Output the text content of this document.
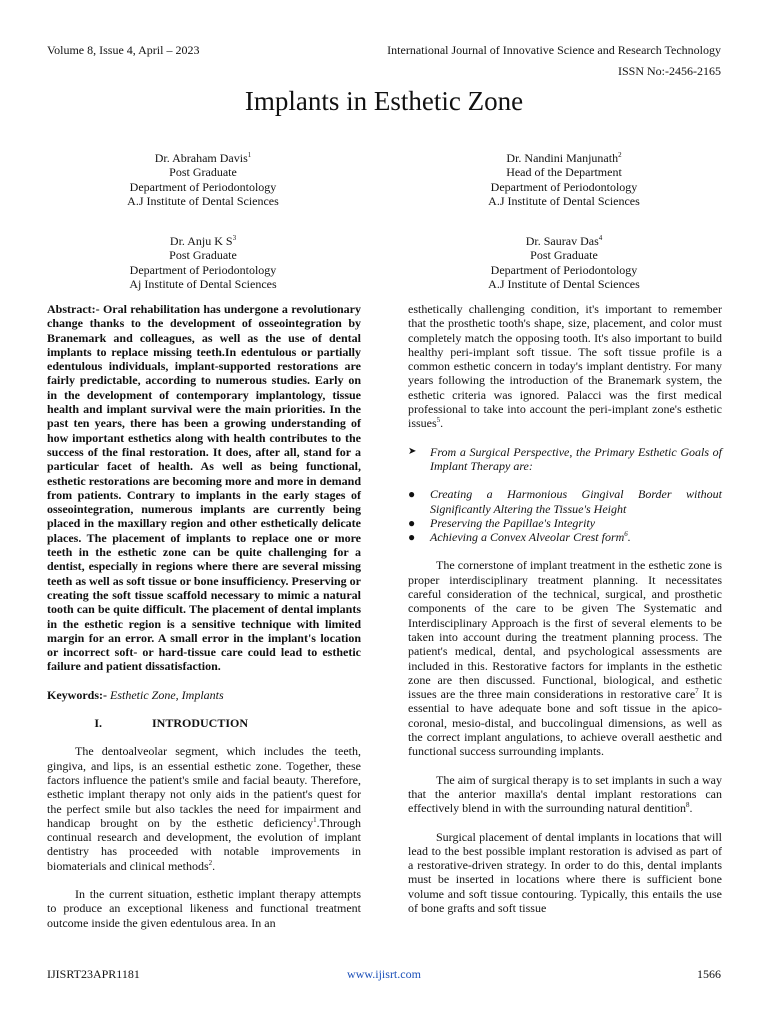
Volume 8, Issue 4, April – 2023	International Journal of Innovative Science and Research Technology
ISSN No:-2456-2165
Implants in Esthetic Zone
Dr. Abraham Davis$^1$
Post Graduate
Department of Periodontology
A.J Institute of Dental Sciences
Dr. Nandini Manjunath$^2$
Head of the Department
Department of Periodontology
A.J Institute of Dental Sciences
Dr. Anju K $S^3$
Post Graduate
Department of Periodontology
Aj Institute of Dental Sciences
Dr. Saurav Das$^4$
Post Graduate
Department of Periodontology
A.J Institute of Dental Sciences

Abstract:- Oral rehabilitation has undergone a revolutionary change thanks to the development of osseointegration by Branemark and colleagues, as well as the use of dental implants to replace missing teeth.In edentulous or partially edentulous individuals, implant-supported restorations are fairly predictable, according to numerous studies. Early on in the development of contemporary implantology, tissue health and implant survival were the main priorities. In the past ten years, there has been a growing understanding of how important esthetics along with health contributes to the success of the final restoration. It does, after all, stand for a particular facet of health. As well as being functional, esthetic restorations are becoming more and more in demand from patients. Contrary to implants in the early stages of osseointegration, numerous implants are currently being placed in the maxillary region and other esthetically delicate places. The placement of implants to replace one or more teeth in the esthetic zone can be quite challenging for a dentist, especially in regions where there are several missing teeth as well as soft tissue or bone insufficiency. Preserving or creating the soft tissue scaffold necessary to mimic a natural tooth can be quite difficult. The placement of dental implants in the esthetic region is a sensitive technique with limited margin for an error. A small error in the implant's location or incorrect soft- or hard-tissue care could lead to esthetic failure and patient dissatisfaction.

Keywords:- Esthetic Zone, Implants

I.	INTRODUCTION

The dentoalveolar segment, which includes the teeth, gingiva, and lips, is an essential esthetic zone. Together, these factors influence the patient's smile and facial beauty. Therefore, esthetic implant therapy not only aids in the patient's quest for the perfect smile but also tackles the need for impairment and handicap brought on by the esthetic deficiency$^1$.Through continual research and development, the evolution of implant dentistry has proceeded with notable improvements in biomaterials and clinical methods$^2$.

In the current situation, esthetic implant therapy attempts to produce an exceptional likeness and functional treatment outcome inside the given edentulous area. In an

esthetically challenging condition, it's important to remember that the prosthetic tooth's shape, size, placement, and color must completely match the opposing tooth. It's also important to build healthy peri-implant soft tissue. The soft tissue profile is a common esthetic concern in today's implant dentistry. For many years following the introduction of the Branemark system, the esthetic criteria was ignored. Palacci was the first medical professional to take into account the peri-implant zone's esthetic issues$^5$.

➤	From a Surgical Perspective, the Primary Esthetic Goals of Implant Therapy are:
●	Creating a Harmonious Gingival Border without Significantly Altering the Tissue's Height
●	Preserving the Papillae's Integrity
●	Achieving a Convex Alveolar Crest form$^6$.

The cornerstone of implant treatment in the esthetic zone is proper interdisciplinary treatment planning. It necessitates careful consideration of the technical, surgical, and prosthetic components of the care to be given The Systematic and Interdisciplinary Approach is the first of several elements to be taken into account during the treatment planning process. The patient's medical, dental, and psychological assessments are included in this. Restorative factors for implants in the esthetic zone are then discussed. Functional, biological, and esthetic issues are the three main considerations in restorative care$^7$ It is essential to have adequate bone and soft tissue in the apico-coronal, mesio-distal, and buccolingual dimensions, as well as the correct implant angulations, to achieve overall aesthetic and functional success surrounding implants.

The aim of surgical therapy is to set implants in such a way that the anterior maxilla's dental implant restorations can effectively blend in with the surrounding natural dentition$^8$.

Surgical placement of dental implants in locations that will lead to the best possible implant restoration is advised as part of a restorative-driven strategy. In order to do this, dental implants must be inserted in locations where there is sufficient bone volume and soft tissue contouring. Typically, this entails the use of bone grafts and soft tissue

IJISRT23APR1181	www.ijisrt.com	1566
